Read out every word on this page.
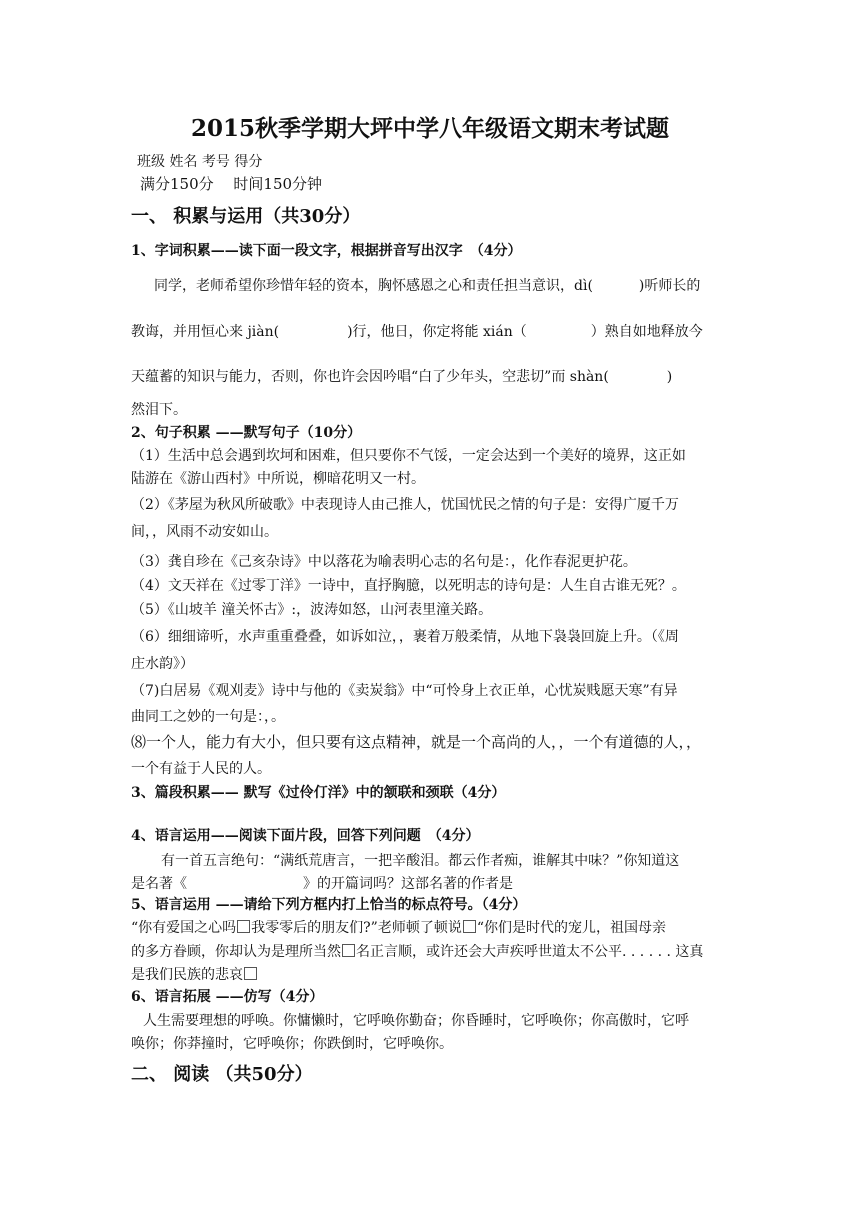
2015秋季学期大坪中学八年级语文期末考试题
班级 姓名 考号 得分
满分150分　 时间150分钟
一、 积累与运用（共30分）
1、字词积累——读下面一段文字，根据拼音写出汉字　（4分）
同学，老师希望你珍惜年轻的资本，胸怀感恩之心和责任担当意识，dì(	)听师长的
教诲，并用恒心来 jiàn(	)行，他日，你定将能 xián（	）熟自如地释放今
天蕴蓄的知识与能力，否则，你也许会因吟唱“白了少年头，空悲切”而 shàn(	)
然泪下。
2、句子积累 ——默写句子（10分）
（1）生活中总会遇到坎坷和困难，但只要你不气馁，一定会达到一个美好的境界，这正如
陆游在《游山西村》中所说，柳暗花明又一村。
（2）《茅屋为秋风所破歌》中表现诗人由己推人，忧国忧民之情的句子是：安得广厦千万
间，，风雨不动安如山。
（3）龚自珍在《己亥杂诗》中以落花为喻表明心志的名句是：，化作春泥更护花。
（4）文天祥在《过零丁洋》一诗中，直抒胸臆，以死明志的诗句是：人生自古谁无死？。
（5）《山坡羊 潼关怀古》:，波涛如怒，山河表里潼关路。
（6）细细谛听，水声重重叠叠，如诉如泣，，裹着万般柔情，从地下袅袅回旋上升。（《周
庄水韵》）
（7)白居易《观刈麦》诗中与他的《卖炭翁》中“可怜身上衣正单，心忧炭贱愿天寒”有异
曲同工之妙的一句是：，。
⑻一个人，能力有大小，但只要有这点精神，就是一个高尚的人，，一个有道德的人，，
一个有益于人民的人。
3、篇段积累—— 默写《过伶仃洋》中的颔联和颈联（4分）
4、语言运用——阅读下面片段，回答下列问题　（4分）
有一首五言绝句：“满纸荒唐言，一把辛酸泪。都云作者痴，谁解其中味？”你知道这
是名著《	》的开篇词吗？这部名著的作者是
5、语言运用 ——请给下列方框内打上恰当的标点符号。（4分）
“你有爱国之心吗 我零零后的朋友们?”老师顿了顿说 “你们是时代的宠儿，祖国母亲
的多方眷顾，你却认为是理所当然 名正言顺，或许还会大声疾呼世道太不公平. . . . . . 这真
是我们民族的悲哀
6、语言拓展 ——仿写（4分）
人生需要理想的呼唤。你慵懒时，它呼唤你勤奋；你昏睡时，它呼唤你；你高傲时，它呼
唤你；你莽撞时，它呼唤你；你跌倒时，它呼唤你。
二、 阅读 （共50分）
